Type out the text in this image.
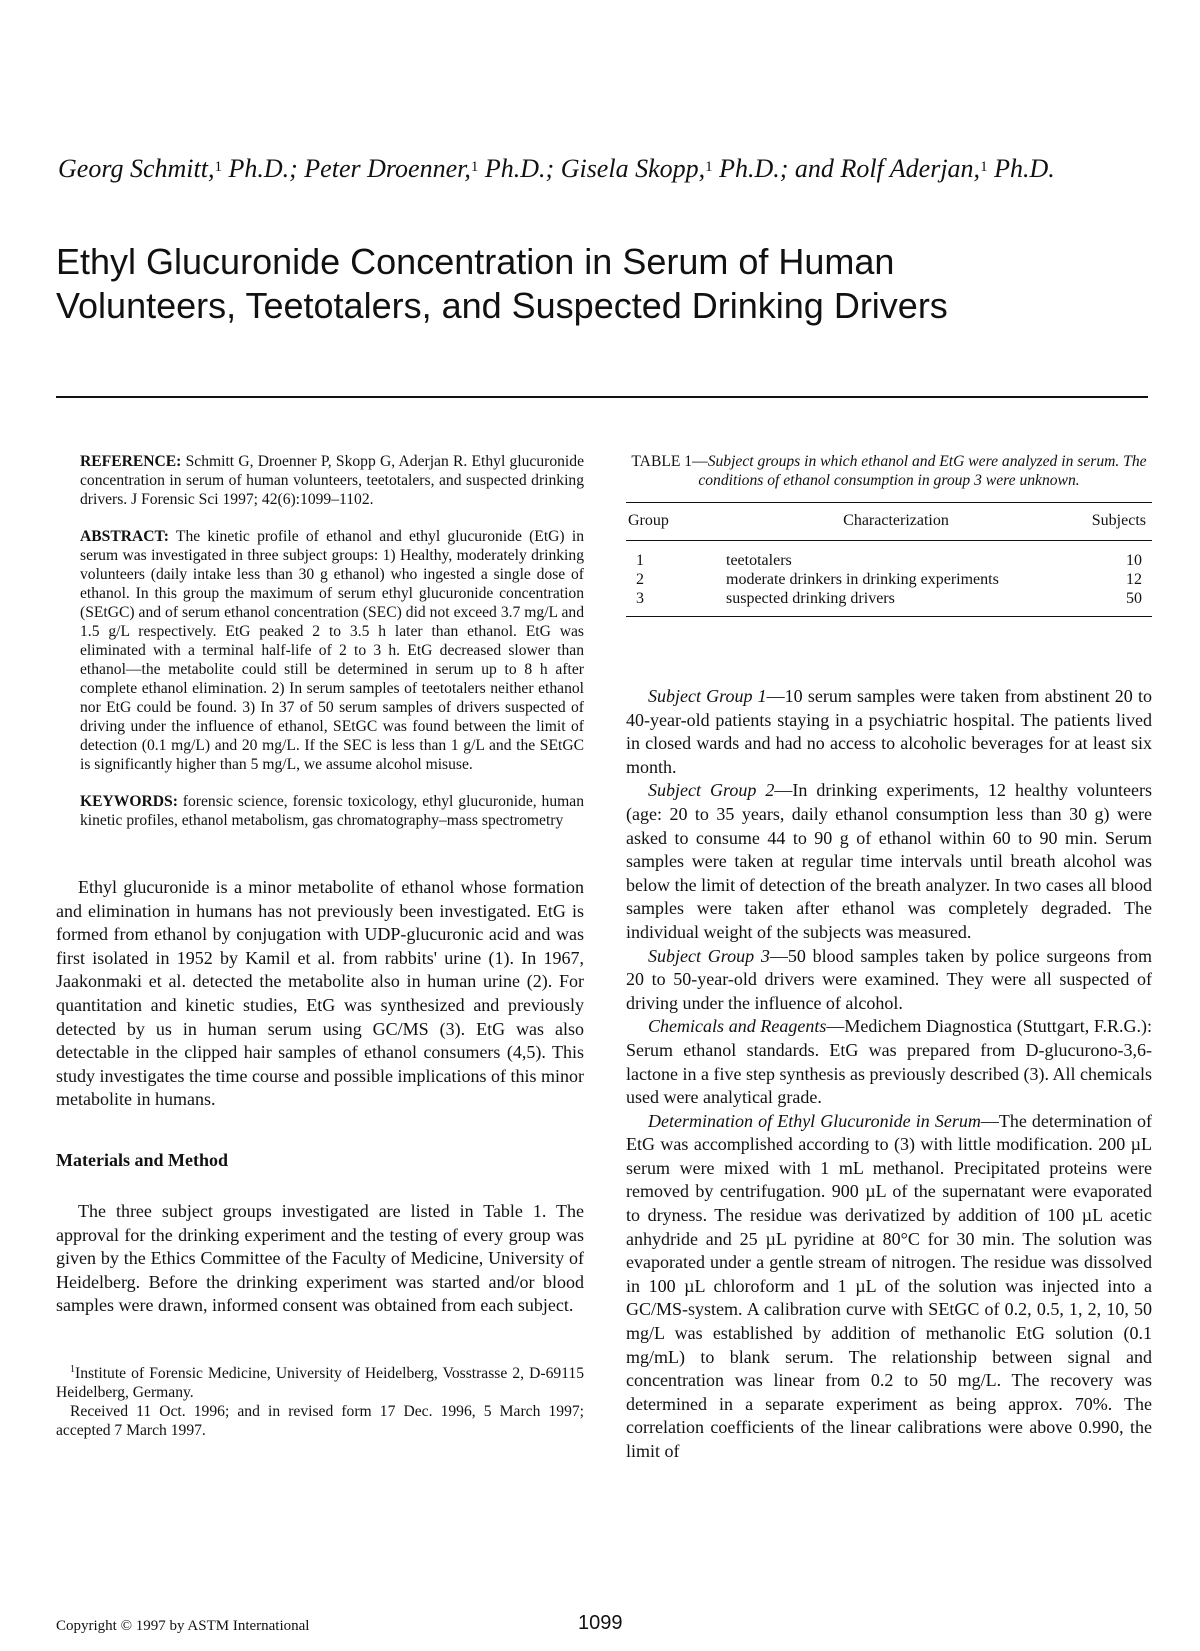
Georg Schmitt,$^1$ Ph.D.; Peter Droenner,$^1$ Ph.D.; Gisela Skopp,$^1$ Ph.D.; and Rolf Aderjan,$^1$ Ph.D.
Ethyl Glucuronide Concentration in Serum of Human
Volunteers, Teetotalers, and Suspected Drinking Drivers

REFERENCE: Schmitt G, Droenner P, Skopp G, Aderjan R. Ethyl glucuronide concentration in serum of human volunteers, teetotalers, and suspected drinking drivers. J Forensic Sci 1997; 42(6):1099–1102.

ABSTRACT: The kinetic profile of ethanol and ethyl glucuronide (EtG) in serum was investigated in three subject groups: 1) Healthy, moderately drinking volunteers (daily intake less than 30 g ethanol) who ingested a single dose of ethanol. In this group the maximum of serum ethyl glucuronide concentration (SEtGC) and of serum ethanol concentration (SEC) did not exceed 3.7 mg/L and 1.5 g/L respectively. EtG peaked 2 to 3.5 h later than ethanol. EtG was eliminated with a terminal half-life of 2 to 3 h. EtG decreased slower than ethanol—the metabolite could still be determined in serum up to 8 h after complete ethanol elimination. 2) In serum samples of teetotalers neither ethanol nor EtG could be found. 3) In 37 of 50 serum samples of drivers suspected of driving under the influence of ethanol, SEtGC was found between the limit of detection (0.1 mg/L) and 20 mg/L. If the SEC is less than 1 g/L and the SEtGC is significantly higher than 5 mg/L, we assume alcohol misuse.

KEYWORDS: forensic science, forensic toxicology, ethyl glucuronide, human kinetic profiles, ethanol metabolism, gas chromatography–mass spectrometry

Ethyl glucuronide is a minor metabolite of ethanol whose formation and elimination in humans has not previously been investigated. EtG is formed from ethanol by conjugation with UDP-glucuronic acid and was first isolated in 1952 by Kamil et al. from rabbits' urine (1). In 1967, Jaakonmaki et al. detected the metabolite also in human urine (2). For quantitation and kinetic studies, EtG was synthesized and previously detected by us in human serum using GC/MS (3). EtG was also detectable in the clipped hair samples of ethanol consumers (4,5). This study investigates the time course and possible implications of this minor metabolite in humans.

Materials and Method

The three subject groups investigated are listed in Table 1. The approval for the drinking experiment and the testing of every group was given by the Ethics Committee of the Faculty of Medicine, University of Heidelberg. Before the drinking experiment was started and/or blood samples were drawn, informed consent was obtained from each subject.

$^1$Institute of Forensic Medicine, University of Heidelberg, Vosstrasse 2, D-69115 Heidelberg, Germany.

Received 11 Oct. 1996; and in revised form 17 Dec. 1996, 5 March 1997; accepted 7 March 1997.

TABLE 1—Subject groups in which ethanol and EtG were analyzed in serum. The conditions of ethanol consumption in group 3 were unknown.

Group	Characterization	Subjects
1	teetotalers	10
2	moderate drinkers in drinking experiments	12
3	suspected drinking drivers	50

Subject Group 1—10 serum samples were taken from abstinent 20 to 40-year-old patients staying in a psychiatric hospital. The patients lived in closed wards and had no access to alcoholic beverages for at least six month.

Subject Group 2—In drinking experiments, 12 healthy volunteers (age: 20 to 35 years, daily ethanol consumption less than 30 g) were asked to consume 44 to 90 g of ethanol within 60 to 90 min. Serum samples were taken at regular time intervals until breath alcohol was below the limit of detection of the breath analyzer. In two cases all blood samples were taken after ethanol was completely degraded. The individual weight of the subjects was measured.

Subject Group 3—50 blood samples taken by police surgeons from 20 to 50-year-old drivers were examined. They were all suspected of driving under the influence of alcohol.

Chemicals and Reagents—Medichem Diagnostica (Stuttgart, F.R.G.): Serum ethanol standards. EtG was prepared from D-glucurono-3,6-lactone in a five step synthesis as previously described (3). All chemicals used were analytical grade.

Determination of Ethyl Glucuronide in Serum—The determination of EtG was accomplished according to (3) with little modification. 200 µL serum were mixed with 1 mL methanol. Precipitated proteins were removed by centrifugation. 900 µL of the supernatant were evaporated to dryness. The residue was derivatized by addition of 100 µL acetic anhydride and 25 µL pyridine at 80°C for 30 min. The solution was evaporated under a gentle stream of nitrogen. The residue was dissolved in 100 µL chloroform and 1 µL of the solution was injected into a GC/MS-system. A calibration curve with SEtGC of 0.2, 0.5, 1, 2, 10, 50 mg/L was established by addition of methanolic EtG solution (0.1 mg/mL) to blank serum. The relationship between signal and concentration was linear from 0.2 to 50 mg/L. The recovery was determined in a separate experiment as being approx. 70%. The correlation coefficients of the linear calibrations were above 0.990, the limit of

Copyright © 1997 by ASTM International	1099
